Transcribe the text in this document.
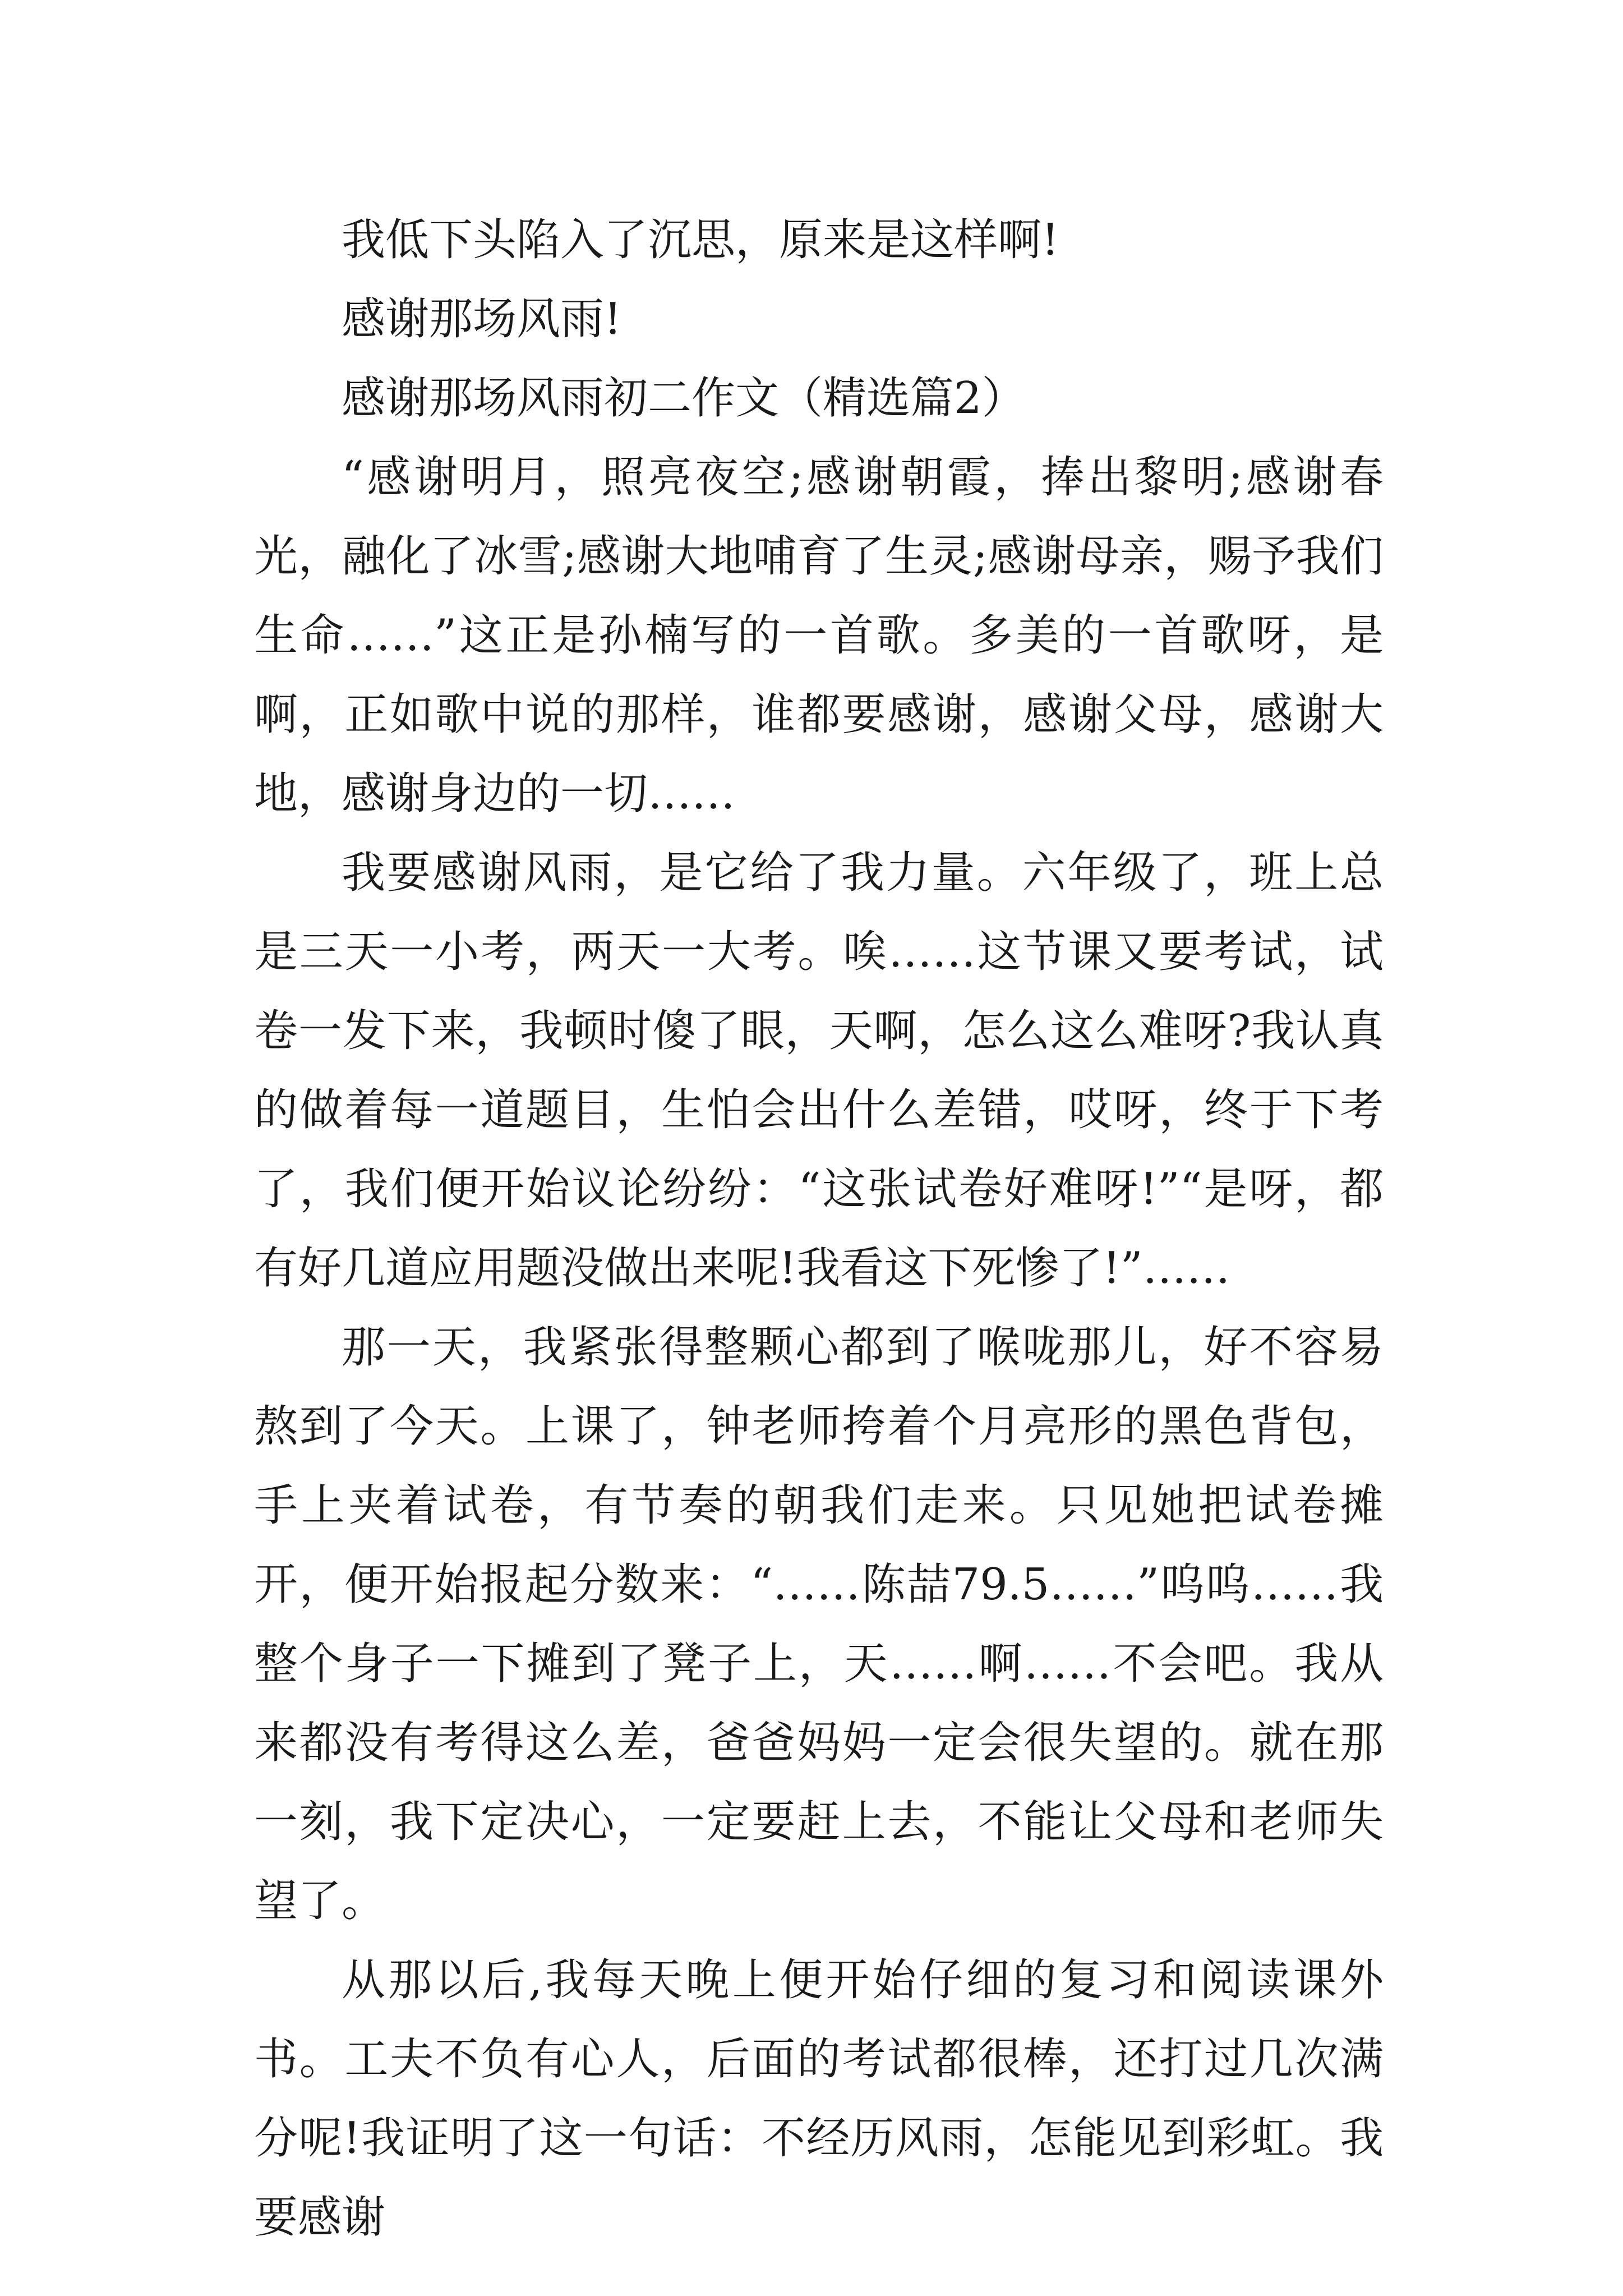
我低下头陷入了沉思，原来是这样啊!

感谢那场风雨!

感谢那场风雨初二作文（精选篇2）

“感谢明月，照亮夜空;感谢朝霞，捧出黎明;感谢春光，融化了冰雪;感谢大地哺育了生灵;感谢母亲，赐予我们生命……”这正是孙楠写的一首歌。多美的一首歌呀，是啊，正如歌中说的那样，谁都要感谢，感谢父母，感谢大地，感谢身边的一切……

我要感谢风雨，是它给了我力量。六年级了，班上总是三天一小考，两天一大考。唉……这节课又要考试，试卷一发下来，我顿时傻了眼，天啊，怎么这么难呀?我认真的做着每一道题目，生怕会出什么差错，哎呀，终于下考了，我们便开始议论纷纷：“这张试卷好难呀!”“是呀，都有好几道应用题没做出来呢!我看这下死惨了!”……

那一天，我紧张得整颗心都到了喉咙那儿，好不容易熬到了今天。上课了，钟老师挎着个月亮形的黑色背包，手上夹着试卷，有节奏的朝我们走来。只见她把试卷摊开，便开始报起分数来：“……陈喆79.5……”呜呜……我整个身子一下摊到了凳子上，天……啊……不会吧。我从来都没有考得这么差，爸爸妈妈一定会很失望的。就在那一刻，我下定决心，一定要赶上去，不能让父母和老师失望了。

从那以后,我每天晚上便开始仔细的复习和阅读课外书。工夫不负有心人，后面的考试都很棒，还打过几次满分呢!我证明了这一句话：不经历风雨，怎能见到彩虹。我要感谢
